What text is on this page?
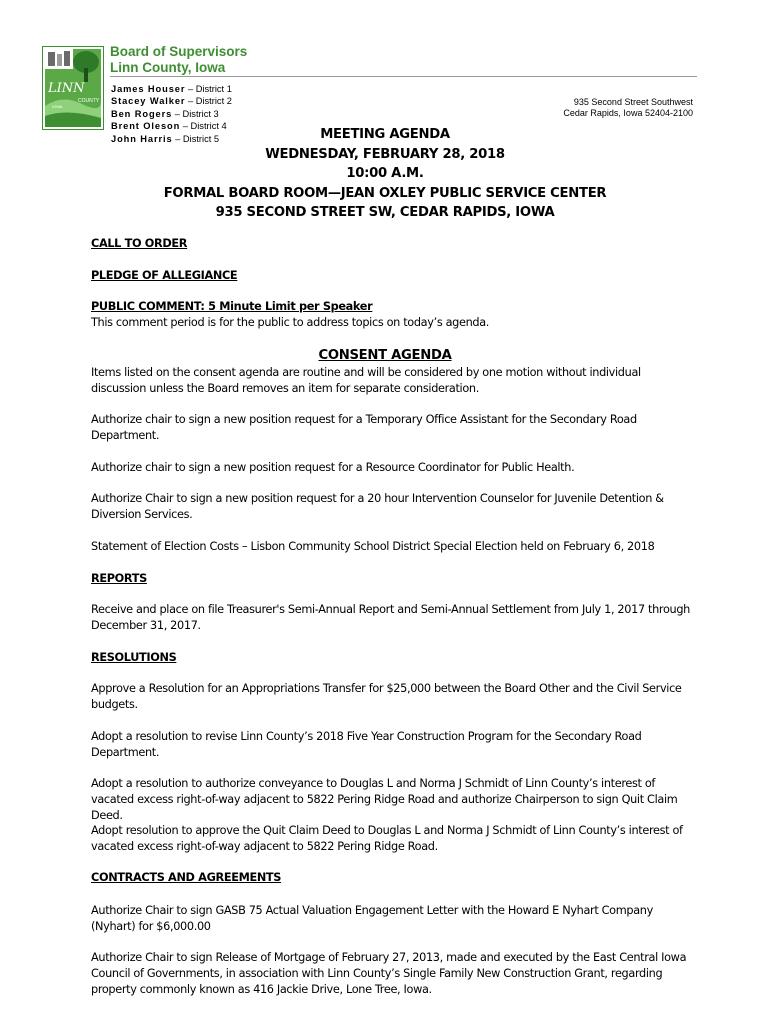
LINN
COUNTY
IOWA
Board of Supervisors
Linn County, Iowa
James Houser – District 1
Stacey Walker – District 2
Ben Rogers – District 3
Brent Oleson – District 4
John Harris – District 5
935 Second Street Southwest
Cedar Rapids, Iowa 52404-2100
MEETING AGENDA
WEDNESDAY, FEBRUARY 28, 2018
10:00 A.M.
FORMAL BOARD ROOM—JEAN OXLEY PUBLIC SERVICE CENTER
935 SECOND STREET SW, CEDAR RAPIDS, IOWA
CALL TO ORDER
PLEDGE OF ALLEGIANCE
PUBLIC COMMENT: 5 Minute Limit per Speaker
This comment period is for the public to address topics on today’s agenda.
CONSENT AGENDA
Items listed on the consent agenda are routine and will be considered by one motion without individual discussion unless the Board removes an item for separate consideration.
Authorize chair to sign a new position request for a Temporary Office Assistant for the Secondary Road Department.
Authorize chair to sign a new position request for a Resource Coordinator for Public Health.
Authorize Chair to sign a new position request for a 20 hour Intervention Counselor for Juvenile Detention & Diversion Services.
Statement of Election Costs – Lisbon Community School District Special Election held on February 6, 2018
REPORTS
Receive and place on file Treasurer's Semi-Annual Report and Semi-Annual Settlement from July 1, 2017 through December 31, 2017.
RESOLUTIONS
Approve a Resolution for an Appropriations Transfer for $25,000 between the Board Other and the Civil Service budgets.
Adopt a resolution to revise Linn County’s 2018 Five Year Construction Program for the Secondary Road Department.
Adopt a resolution to authorize conveyance to Douglas L and Norma J Schmidt of Linn County’s interest of vacated excess right-of-way adjacent to 5822 Pering Ridge Road and authorize Chairperson to sign Quit Claim Deed.
Adopt resolution to approve the Quit Claim Deed to Douglas L and Norma J Schmidt of Linn County’s interest of vacated excess right-of-way adjacent to 5822 Pering Ridge Road.
CONTRACTS AND AGREEMENTS
Authorize Chair to sign GASB 75 Actual Valuation Engagement Letter with the Howard E Nyhart Company (Nyhart) for $6,000.00
Authorize Chair to sign Release of Mortgage of February 27, 2013, made and executed by the East Central Iowa Council of Governments, in association with Linn County’s Single Family New Construction Grant, regarding property commonly known as 416 Jackie Drive, Lone Tree, Iowa.
